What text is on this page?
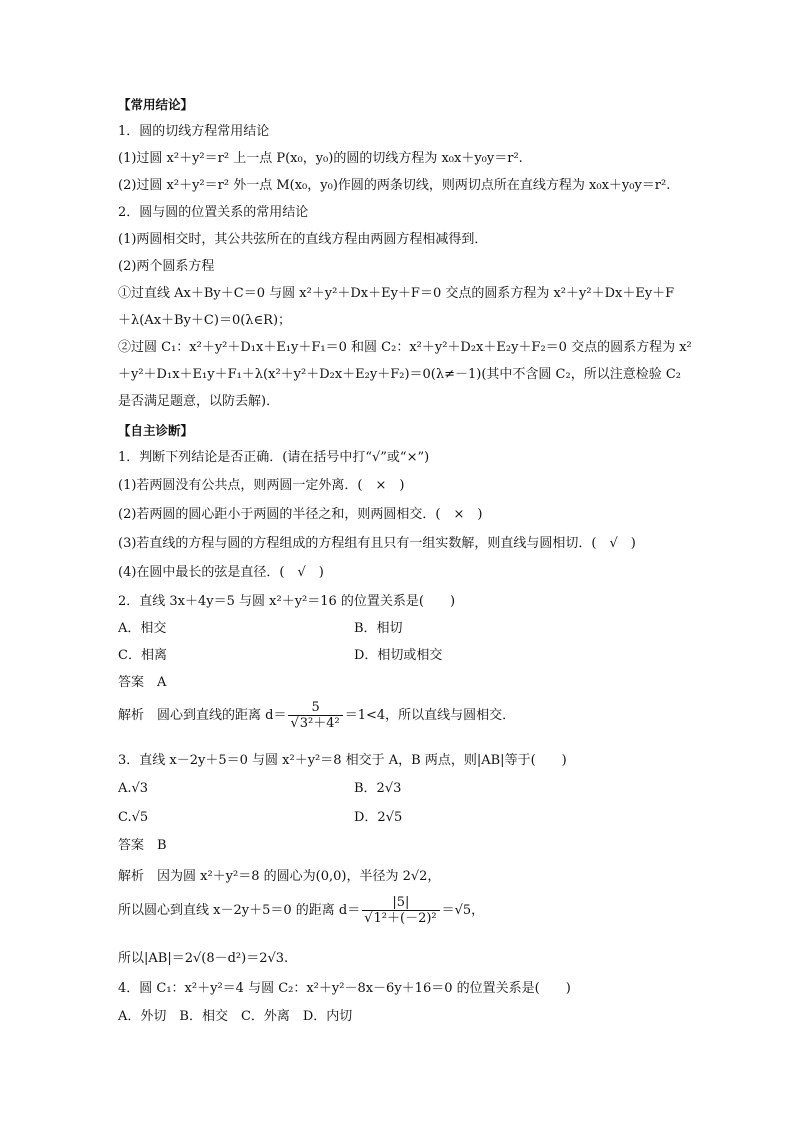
【常用结论】
1．圆的切线方程常用结论
(1)过圆 x²＋y²＝r² 上一点 P(x₀，y₀)的圆的切线方程为 x₀x＋y₀y＝r².
(2)过圆 x²＋y²＝r² 外一点 M(x₀，y₀)作圆的两条切线，则两切点所在直线方程为 x₀x＋y₀y＝r².
2．圆与圆的位置关系的常用结论
(1)两圆相交时，其公共弦所在的直线方程由两圆方程相减得到．
(2)两个圆系方程
①过直线 Ax＋By＋C＝0 与圆 x²＋y²＋Dx＋Ey＋F＝0 交点的圆系方程为 x²＋y²＋Dx＋Ey＋F
＋λ(Ax＋By＋C)＝0(λ∈R)；
②过圆 C₁：x²＋y²＋D₁x＋E₁y＋F₁＝0 和圆 C₂：x²＋y²＋D₂x＋E₂y＋F₂＝0 交点的圆系方程为 x²
＋y²＋D₁x＋E₁y＋F₁＋λ(x²＋y²＋D₂x＋E₂y＋F₂)＝0(λ≠－1)(其中不含圆 C₂，所以注意检验 C₂
是否满足题意，以防丢解)．
【自主诊断】
1．判断下列结论是否正确．(请在括号中打“√”或“×”)
(1)若两圆没有公共点，则两圆一定外离．(　×　)
(2)若两圆的圆心距小于两圆的半径之和，则两圆相交．(　×　)
(3)若直线的方程与圆的方程组成的方程组有且只有一组实数解，则直线与圆相切．(　√　)
(4)在圆中最长的弦是直径．(　√　)
2．直线 3x＋4y＝5 与圆 x²＋y²＝16 的位置关系是(　　)
A．相交	B．相切
C．相离	D．相切或相交
答案　A
解析　圆心到直线的距离 $d= \frac{5}{\text{√3²＋4²}} =1<4$，所以直线与圆相交．
3．直线 x－2y＋5＝0 与圆 x²＋y²＝8 相交于 A，B 两点，则|AB|等于(　　)
A.√3	B．2√3
C.√5	D．2√5
答案　B
解析　因为圆 x²＋y²＝8 的圆心为(0,0)，半径为 2√2，
所以圆心到直线 x－2y＋5＝0 的距离 $d= \frac{|5|}{\text{√1²＋(－2)²}} =√5$，
所以|AB|＝2√(8－d²)＝2√3.
4．圆 C₁：x²＋y²＝4 与圆 C₂：x²＋y²－8x－6y＋16＝0 的位置关系是(　　)
A．外切　B．相交　C．外离　D．内切
